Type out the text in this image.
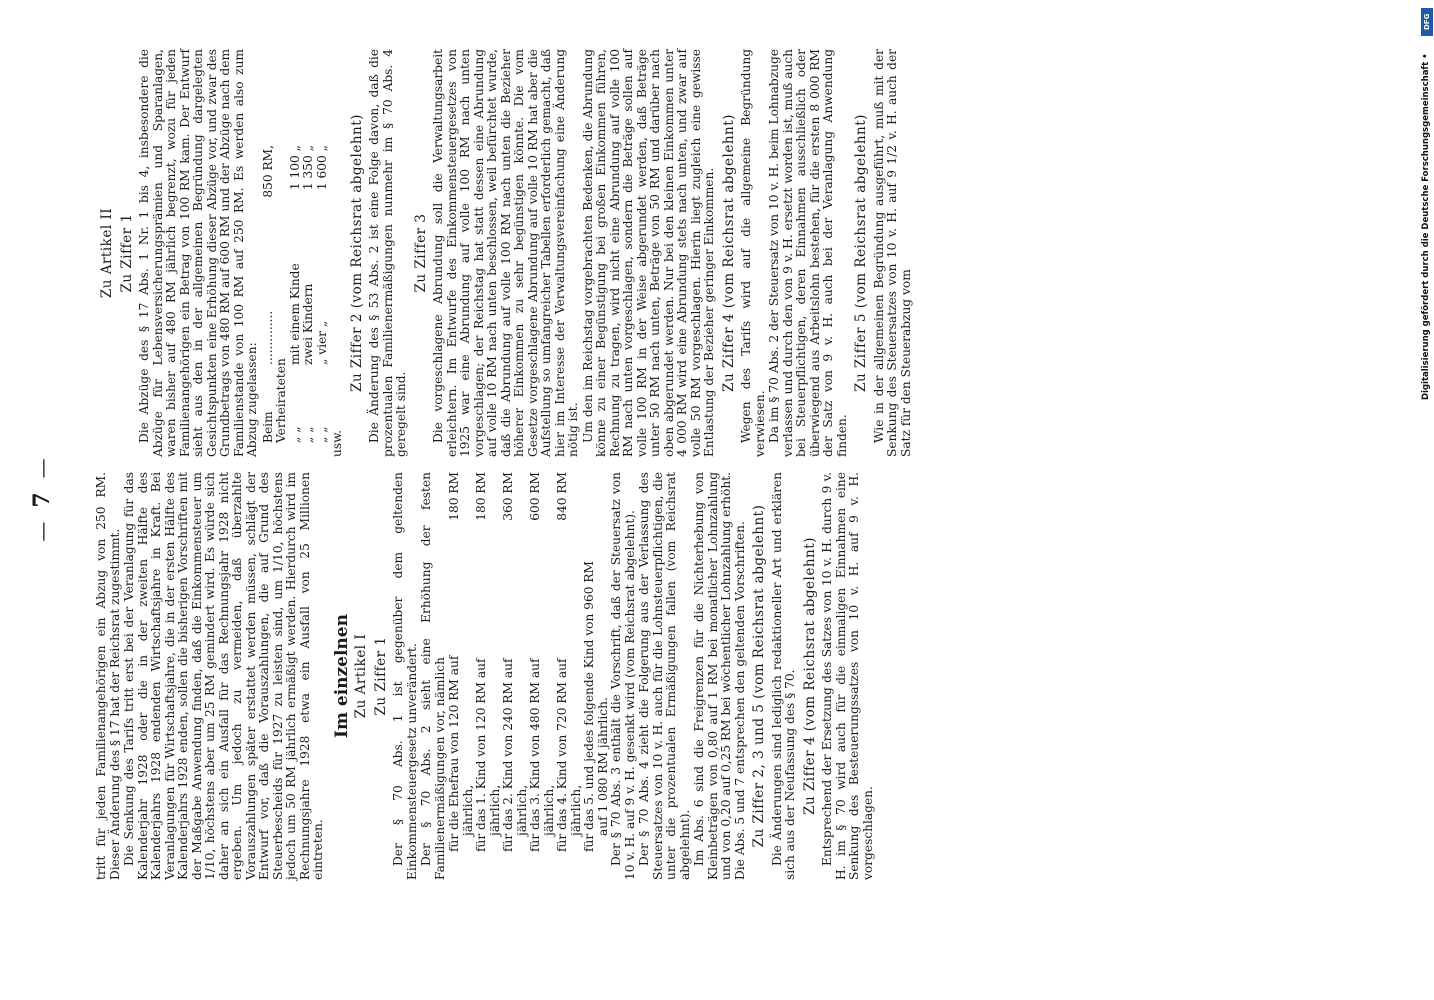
—
7
—

tritt für jeden Familienangehörigen ein Abzug von 250 RM. Dieser Änderung des § 17 hat der Reichsrat zugestimmt. Die Senkung des Tarifs tritt erst bei der Veranlagung für das Kalenderjahr 1928 oder die in der zweiten Hälfte des Kalenderjahrs 1928 endenden Wirtschaftsjahre in Kraft. Bei Veranlagungen für Wirtschaftsjahre, die in der ersten Hälfte des Kalenderjahrs 1928 enden, sollen die bisherigen Vorschriften mit der Maßgabe Anwendung finden, daß die Einkommensteuer um 1/10, höchstens aber um 25 RM gemindert wird. Es würde sich daher an sich ein Ausfall für das Rechnungsjahr 1928 nicht ergeben. Um jedoch zu vermeiden, daß überzahlte Vorauszahlungen später erstattet werden müssen, schlägt der Entwurf vor, daß die Vorauszahlungen, die auf Grund des Steuerbescheids für 1927 zu leisten sind, um 1/10, höchstens jedoch um 50 RM jährlich ermäßigt werden. Hierdurch wird im Rechnungsjahre 1928 etwa ein Ausfall von 25 Millionen eintreten.

Im einzelnen Zu Artikel I Zu Ziffer 1 Der § 70 Abs. 1 ist gegenüber dem geltenden Einkommensteuergesetz unverändert. Der § 70 Abs. 2 sieht eine Erhöhung der festen Familienermäßigungen vor, nämlich für die Ehefrau von 120 RM auf
180 RM
jährlich, für das 1. Kind von 120 RM auf
180 RM
jährlich, für das 2. Kind von 240 RM auf
360 RM
jährlich, für das 3. Kind von 480 RM auf
600 RM
jährlich, für das 4. Kind von 720 RM auf
840 RM
jährlich, für das 5. und jedes folgende Kind von 960 RM auf 1 080 RM jährlich. Der § 70 Abs. 3 enthält die Vorschrift, daß der Steuersatz von 10 v. H. auf 9 v. H. gesenkt wird (vom Reichsrat abgelehnt). Der § 70 Abs. 4 zieht die Folgerung aus der Verlassung des Steuersatzes von 10 v. H. auch für die Lohnsteuerpflichtigen, die unter die prozentualen Ermäßigungen fallen (vom Reichsrat abgelehnt). Im Abs. 6 sind die Freigrenzen für die Nichterhebung von Kleinbeträgen von 0,80 auf 1 RM bei monatlicher Lohnzahlung und von 0,20 auf 0,25 RM bei wöchentlicher Lohnzahlung erhöht. Die Abs. 5 und 7 entsprechen den geltenden Vorschriften. Zu Ziffer 2, 3 und 5 (vom Reichsrat abgelehnt) Die Änderungen sind lediglich redaktioneller Art und erklären sich aus der Neufassung des § 70. Zu Ziffer 4 (vom Reichsrat abgelehnt) Entsprechend der Ersetzung des Satzes von 10 v. H. durch 9 v. H. im § 70 wird auch für die einmaligen Einnahmen eine Senkung des Besteuerungssatzes von 10 v. H. auf 9 v. H. vorgeschlagen.

Zu Artikel II Zu Ziffer 1 Die Abzüge des § 17 Abs. 1 Nr. 1 bis 4, insbesondere die Abzüge für Lebensversicherungsprämien und Sparanlagen, waren bisher auf 480 RM jährlich begrenzt, wozu für jeden Familienangehörigen ein Betrag von 100 RM kam. Der Entwurf sieht aus den in der allgemeinen Begründung dargelegten Gesichtspunkten eine Erhöhung dieser Abzüge vor, und zwar des Grundbetrags von 480 RM auf 600 RM und der Abzüge nach dem Familienstande von 100 RM auf 250 RM. Es werden also zum Abzug zugelassen: Beim Verheirateten
..............
850 RM,
„ „
mit einem Kinde
1 100 „
„ „
zwei Kindern
1 350 „
„ „
„ vier „
1 600 „

usw.

Zu Ziffer 2 (vom Reichsrat abgelehnt) Die Änderung des § 53 Abs. 2 ist eine Folge davon, daß die prozentualen Familienermäßigungen nunmehr im § 70 Abs. 4 geregelt sind.

Zu Ziffer 3 Die vorgeschlagene Abrundung soll die Verwaltungsarbeit erleichtern. Im Entwurfe des Einkommensteuergesetzes von 1925 war eine Abrundung auf volle 100 RM nach unten vorgeschlagen; der Reichstag hat statt dessen eine Abrundung auf volle 10 RM nach unten beschlossen, weil befürchtet wurde, daß die Abrundung auf volle 100 RM nach unten die Bezieher höherer Einkommen zu sehr begünstigen könnte. Die vom Gesetze vorgeschlagene Abrundung auf volle 10 RM hat aber die Aufstellung so umfangreicher Tabellen erforderlich gemacht, daß hier im Interesse der Verwaltungsvereinfachung eine Änderung nötig ist. Um den im Reichstag vorgebrachten Bedenken, die Abrundung könne zu einer Begünstigung bei großen Einkommen führen, Rechnung zu tragen, wird nicht eine Abrundung auf volle 100 RM nach unten vorgeschlagen, sondern die Beträge sollen auf volle 100 RM in der Weise abgerundet werden, daß Beträge unter 50 RM nach unten, Beträge von 50 RM und darüber nach oben abgerundet werden. Nur bei den kleinen Einkommen unter 4 000 RM wird eine Abrundung stets nach unten, und zwar auf volle 50 RM vorgeschlagen. Hierin liegt zugleich eine gewisse Entlastung der Bezieher geringer Einkommen. Zu Ziffer 4 (vom Reichsrat abgelehnt) Wegen des Tarifs wird auf die allgemeine Begründung verwiesen. Da im § 70 Abs. 2 der Steuersatz von 10 v. H. beim Lohnabzuge verlassen und durch den von 9 v. H. ersetzt worden ist, muß auch bei Steuerpflichtigen, deren Einnahmen ausschließlich oder überwiegend aus Arbeitslohn bestehen, für die ersten 8 000 RM der Satz von 9 v. H. auch bei der Veranlagung Anwendung finden.

Zu Ziffer 5 (vom Reichsrat abgelehnt) Wie in der allgemeinen Begründung ausgeführt, muß mit der Senkung des Steuersatzes von 10 v. H. auf 9 1/2 v. H. auch der Satz für den Steuerabzug vom

DFG
Digitalisierung gefördert durch die Deutsche Forschungsgemeinschaft •
